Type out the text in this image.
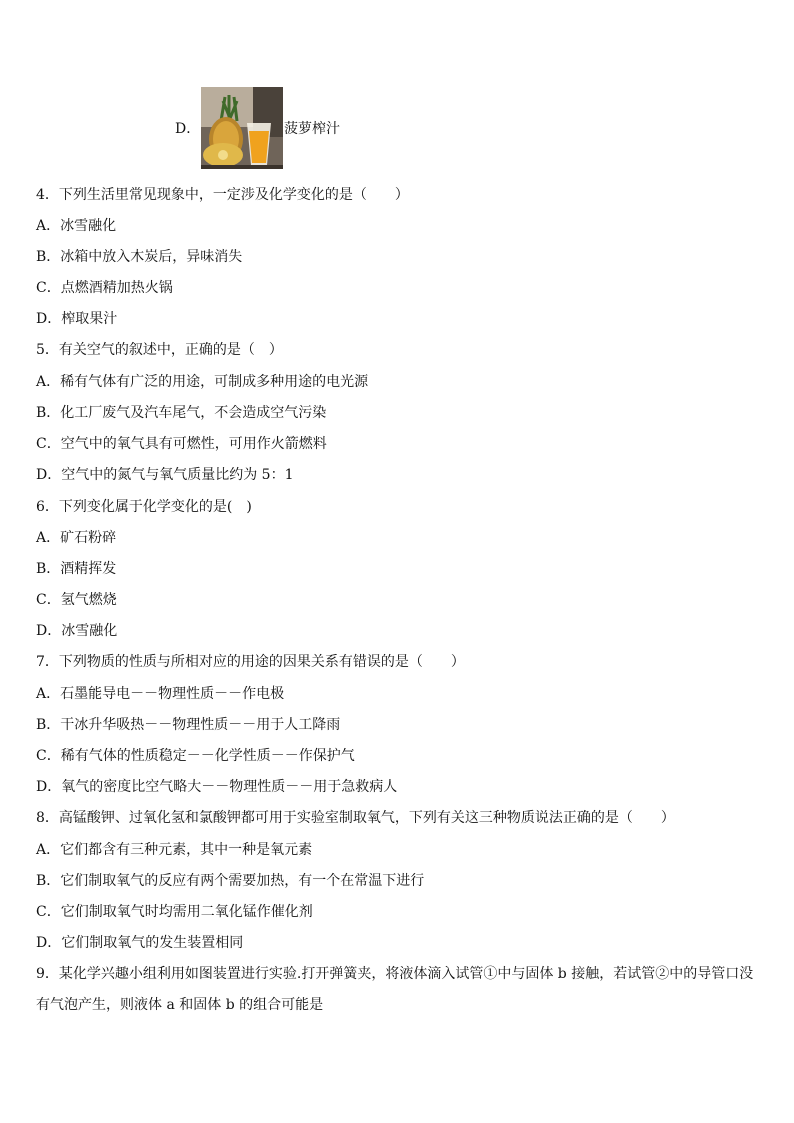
D．	菠萝榨汁
4．下列生活里常见现象中，一定涉及化学变化的是（　　）
A．冰雪融化
B．冰箱中放入木炭后，异味消失
C．点燃酒精加热火锅
D．榨取果汁
5．有关空气的叙述中，正确的是（　）
A．稀有气体有广泛的用途，可制成多种用途的电光源
B．化工厂废气及汽车尾气，不会造成空气污染
C．空气中的氧气具有可燃性，可用作火箭燃料
D．空气中的氮气与氧气质量比约为 5：1
6．下列变化属于化学变化的是(　)
A．矿石粉碎
B．酒精挥发
C．氢气燃烧
D．冰雪融化
7．下列物质的性质与所相对应的用途的因果关系有错误的是（　　）
A．石墨能导电－－物理性质－－作电极
B．干冰升华吸热－－物理性质－－用于人工降雨
C．稀有气体的性质稳定－－化学性质－－作保护气
D．氧气的密度比空气略大－－物理性质－－用于急救病人
8．高锰酸钾、过氧化氢和氯酸钾都可用于实验室制取氧气，下列有关这三种物质说法正确的是（　　）
A．它们都含有三种元素，其中一种是氧元素
B．它们制取氧气的反应有两个需要加热，有一个在常温下进行
C．它们制取氧气时均需用二氧化锰作催化剂
D．它们制取氧气的发生装置相同
9．某化学兴趣小组利用如图装置进行实验.打开弹簧夹，将液体滴入试管①中与固体 b 接触，若试管②中的导管口没有气泡产生，则液体 a 和固体 b 的组合可能是
